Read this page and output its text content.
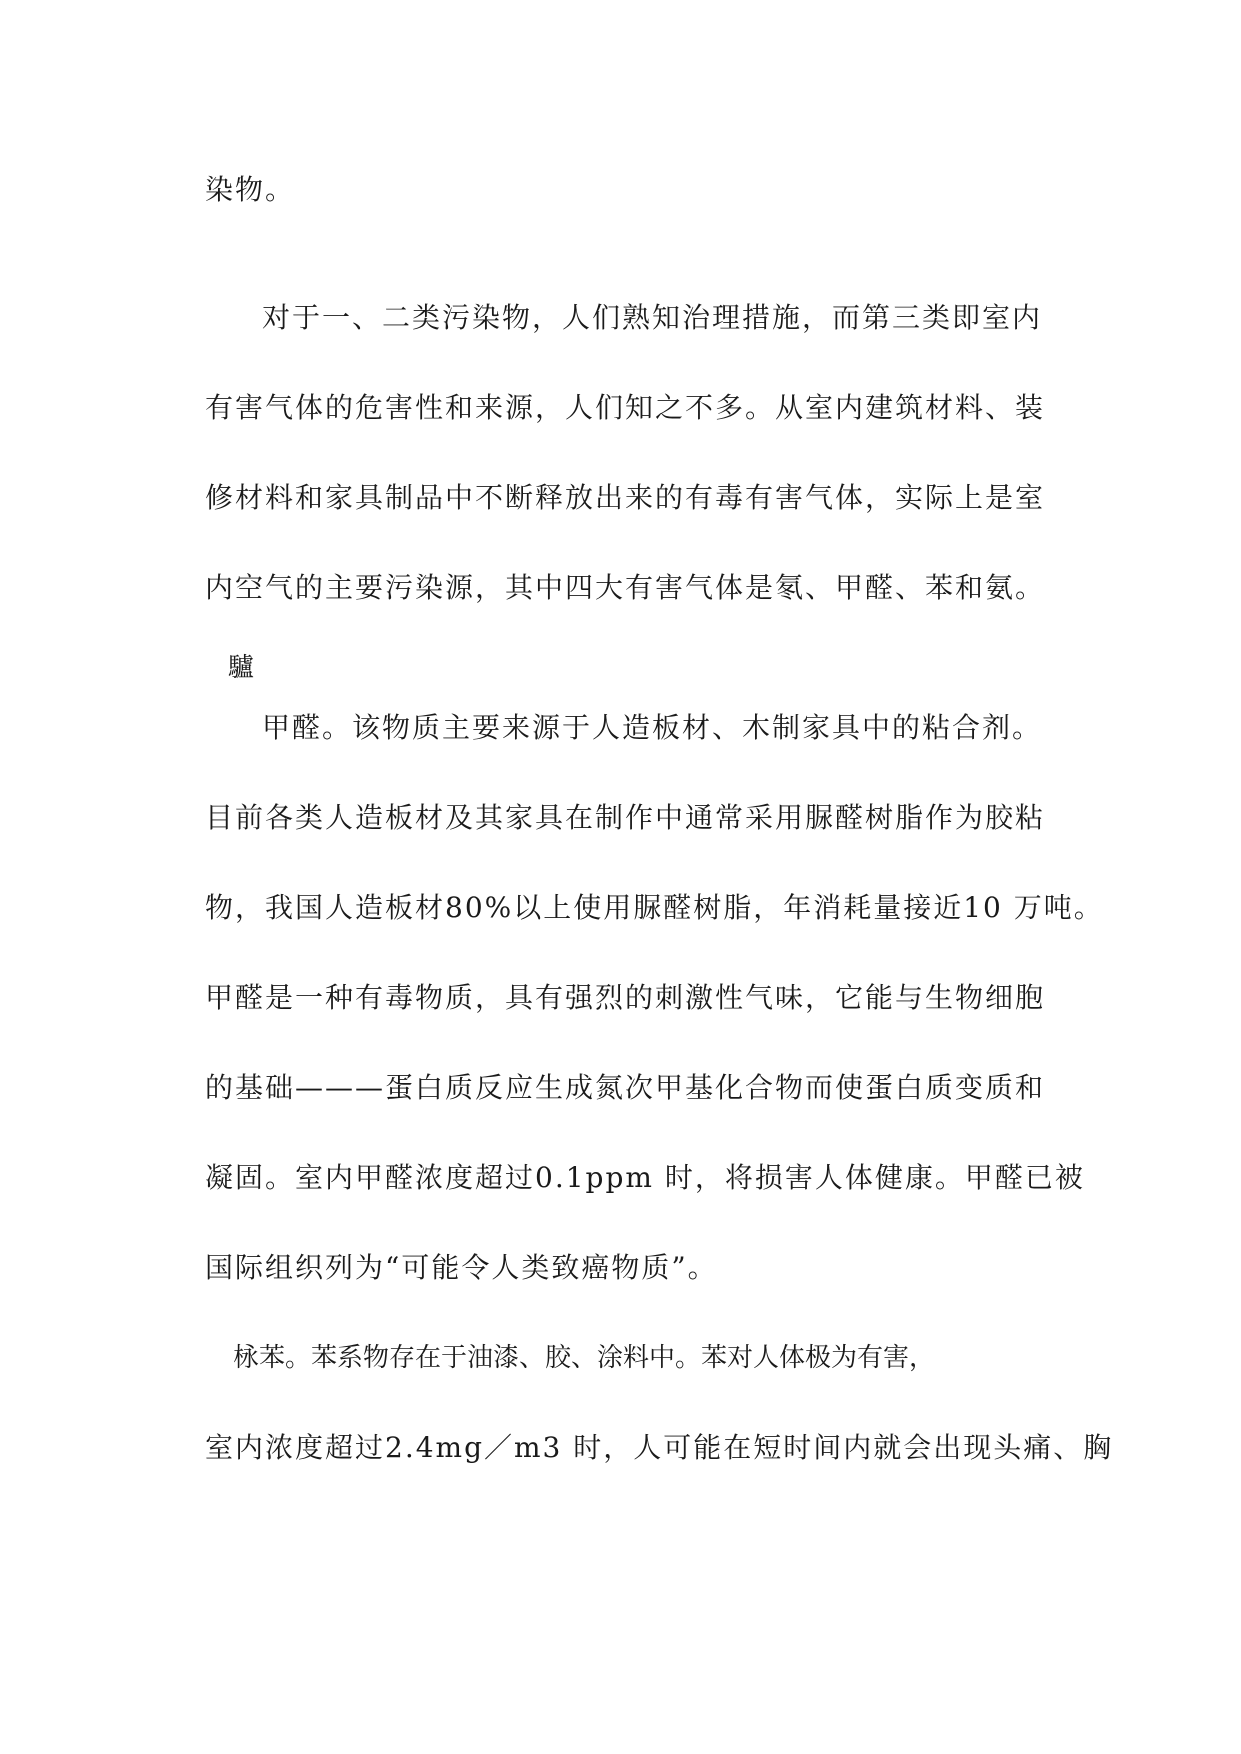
染物。
对于一、二类污染物，人们熟知治理措施，而第三类即室内
有害气体的危害性和来源，人们知之不多。从室内建筑材料、装
修材料和家具制品中不断释放出来的有毒有害气体，实际上是室
内空气的主要污染源，其中四大有害气体是氡、甲醛、苯和氨。
驢
甲醛。该物质主要来源于人造板材、木制家具中的粘合剂。
目前各类人造板材及其家具在制作中通常采用脲醛树脂作为胶粘
物，我国人造板材80%以上使用脲醛树脂，年消耗量接近10 万吨。
甲醛是一种有毒物质，具有强烈的刺激性气味，它能与生物细胞
的基础———蛋白质反应生成氮次甲基化合物而使蛋白质变质和
凝固。室内甲醛浓度超过0.1ppm 时，将损害人体健康。甲醛已被
国际组织列为“可能令人类致癌物质”。
栐苯。苯系物存在于油漆、胶、涂料中。苯对人体极为有害，
室内浓度超过2.4mg／m3 时，人可能在短时间内就会出现头痛、胸
